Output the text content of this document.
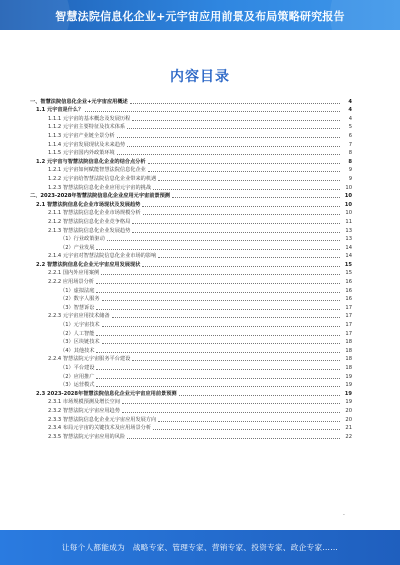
智慧法院信息化企业+元宇宙应用前景及布局策略研究报告
内容目录
一、智慧法院信息化企业+元宇宙应用概述	4
1.1 元宇宙是什么？	4
1.1.1 元宇宙的基本概念及发展历程	4
1.1.2 元宇宙主要特征及技术体系	5
1.1.3 元宇宙产业链全景分析	6
1.1.4 元宇宙发展现状及未来趋势	7
1.1.5 元宇宙国内外政策环境	8
1.2 元宇宙与智慧法院信息化企业的结合点分析	8
1.2.1 元宇宙如何赋能智慧法院信息化企业	9
1.2.2 元宇宙给智慧法院信息化企业带来的机遇	9
1.2.3 智慧法院信息化企业应用元宇宙的挑战	10
二、2023-2028年智慧法院信息化企业应用元宇宙前景预测	10
2.1 智慧法院信息化企业市场现状及发展趋势	10
2.1.1 智慧法院信息化企业市场规模分析	10
2.1.2 智慧法院信息化企业竞争格局	11
2.1.3 智慧法院信息化企业发展趋势	13
（1）行业政策驱动	13
（2）产业发展	14
2.1.4 元宇宙对智慧法院信息化企业市场的影响	14
2.2 智慧法院信息化企业元宇宙应用发展现状	15
2.2.1 国内外应用案例	15
2.2.2 应用场景分析	16
（1）虚拟法庭	16
（2）数字人服务	16
（3）智慧诉讼	17
2.2.3 元宇宙应用技术储备	17
（1）元宇宙技术	17
（2）人工智能	17
（3）区块链技术	18
（4）其他技术	18
2.2.4 智慧法院元宇宙服务平台建设	18
（1）平台建设	18
（2）应用推广	19
（3）运营模式	19
2.3 2023-2028年智慧法院信息化企业元宇宙应用前景预测	19
2.3.1 市场规模预测及增长空间	19
2.3.2 智慧法院元宇宙应用趋势	20
2.3.3 智慧法院信息化企业元宇宙应用发展方向	20
2.3.4 布局元宇宙的关键技术及应用场景分析	21
2.3.5 智慧法院元宇宙应用的风险	22
-
让每个人都能成为　战略专家、管理专家、营销专家、投资专家、政企专家……
